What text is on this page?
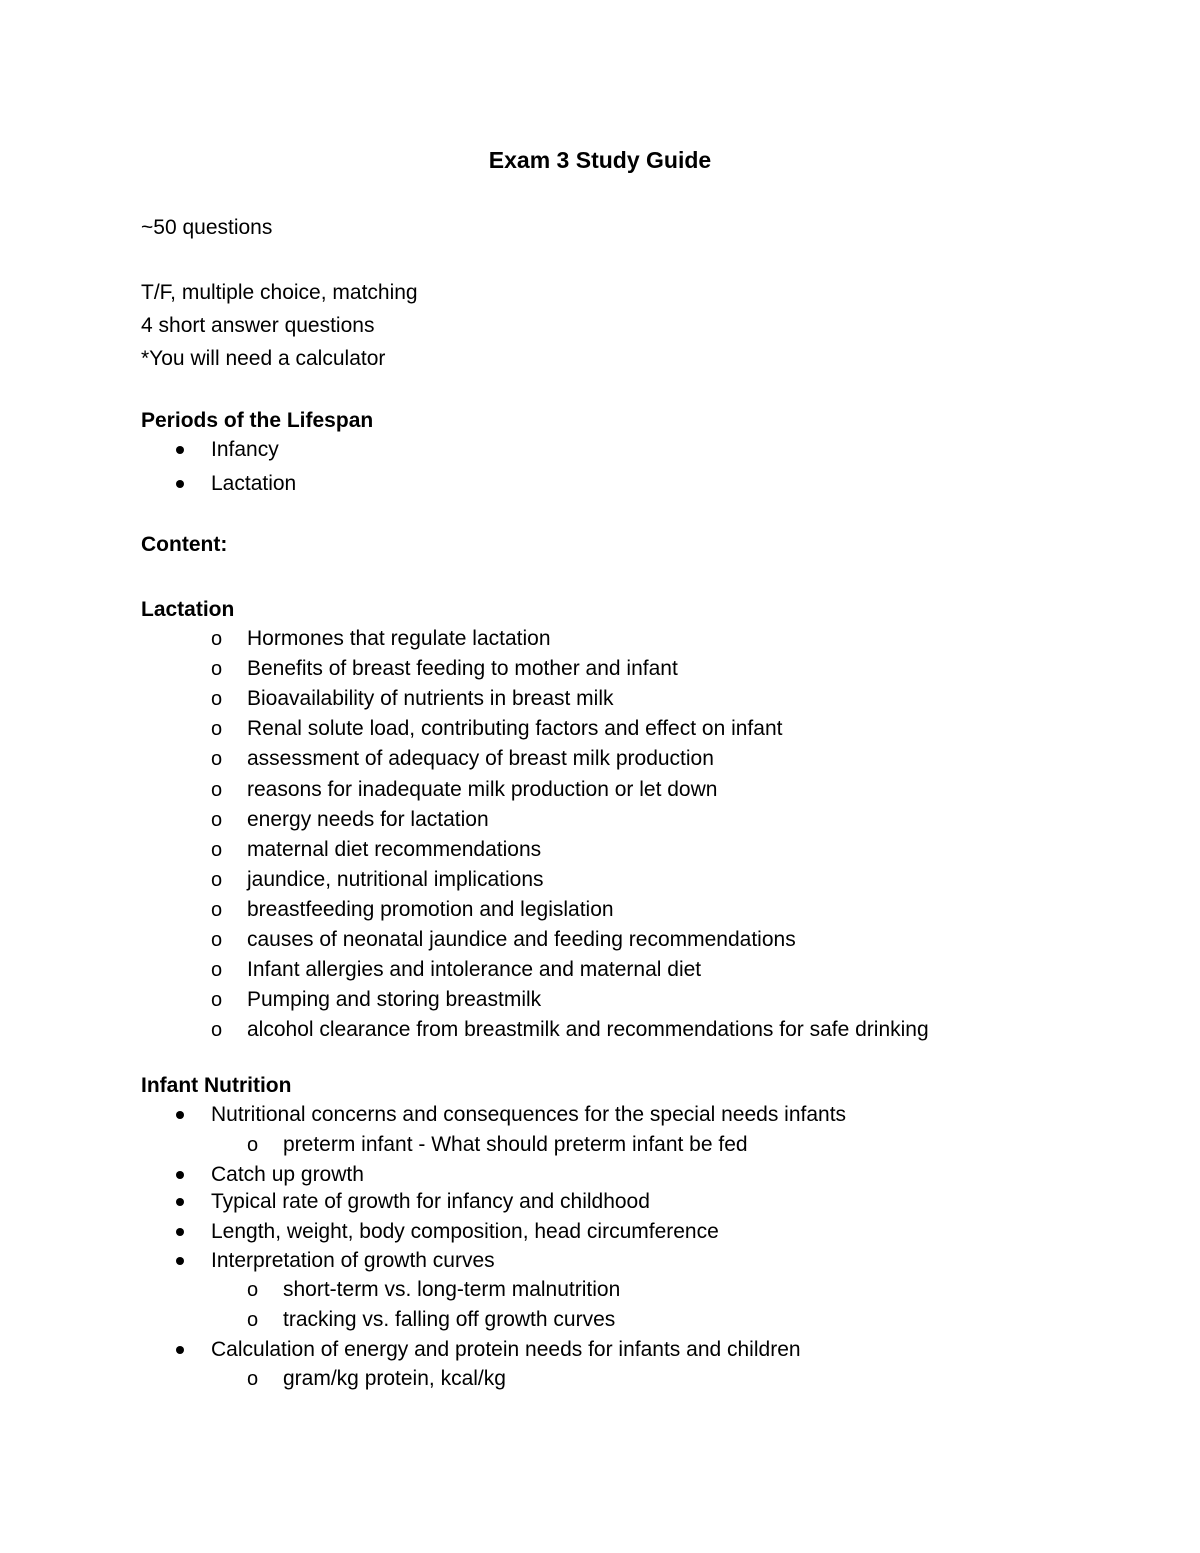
Exam 3 Study Guide
~50 questions
T/F, multiple choice, matching
4 short answer questions
*You will need a calculator
Periods of the Lifespan
Infancy
Lactation
Content:
Lactation
o Hormones that regulate lactation
o Benefits of breast feeding to mother and infant
o Bioavailability of nutrients in breast milk
o Renal solute load, contributing factors and effect on infant
o assessment of adequacy of breast milk production
o reasons for inadequate milk production or let down
o energy needs for lactation
o maternal diet recommendations
o jaundice, nutritional implications
o breastfeeding promotion and legislation
o causes of neonatal jaundice and feeding recommendations
o Infant allergies and intolerance and maternal diet
o Pumping and storing breastmilk
o alcohol clearance from breastmilk and recommendations for safe drinking
Infant Nutrition
Nutritional concerns and consequences for the special needs infants
o preterm infant - What should preterm infant be fed
Catch up growth
Typical rate of growth for infancy and childhood
Length, weight, body composition, head circumference
Interpretation of growth curves
o short-term vs. long-term malnutrition
o tracking vs. falling off growth curves
Calculation of energy and protein needs for infants and children
o gram/kg protein, kcal/kg
